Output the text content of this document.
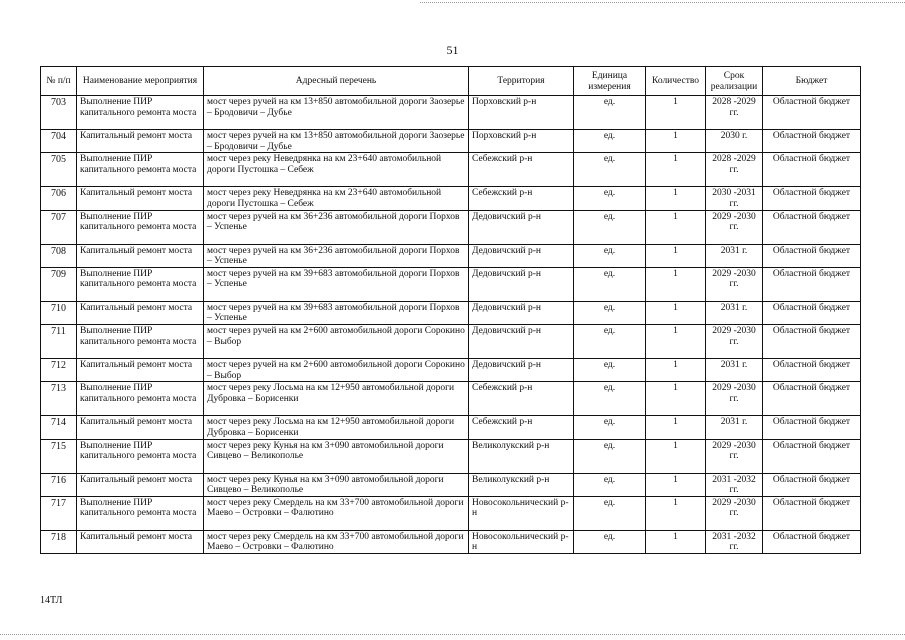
51
№ п/п	Наименование мероприятия	Адресный перечень	Территория	Единица измерения	Количество	Срок реализации	Бюджет
703	Выполнение ПИР капитального ремонта моста	мост через ручей на км 13+850 автомобильной дороги Заозерье – Бродовичи – Дубье	Порховский р-н	ед.	1	2028 -2029 гг.	Областной бюджет
704	Капитальный ремонт моста	мост через ручей на км 13+850 автомобильной дороги Заозерье – Бродовичи – Дубье	Порховский р-н	ед.	1	2030 г.	Областной бюджет
705	Выполнение ПИР капитального ремонта моста	мост через реку Неведрянка на км 23+640 автомобильной дороги Пустошка – Себеж	Себежский р-н	ед.	1	2028 -2029 гг.	Областной бюджет
706	Капитальный ремонт моста	мост через реку Неведрянка на км 23+640 автомобильной дороги Пустошка – Себеж	Себежский р-н	ед.	1	2030 -2031 гг.	Областной бюджет
707	Выполнение ПИР капитального ремонта моста	мост через ручей на км 36+236 автомобильной дороги Порхов – Успенье	Дедовичский р-н	ед.	1	2029 -2030 гг.	Областной бюджет
708	Капитальный ремонт моста	мост через ручей на км 36+236 автомобильной дороги Порхов – Успенье	Дедовичский р-н	ед.	1	2031 г.	Областной бюджет
709	Выполнение ПИР капитального ремонта моста	мост через ручей на км 39+683 автомобильной дороги Порхов – Успенье	Дедовичский р-н	ед.	1	2029 -2030 гг.	Областной бюджет
710	Капитальный ремонт моста	мост через ручей на км 39+683 автомобильной дороги Порхов – Успенье	Дедовичский р-н	ед.	1	2031 г.	Областной бюджет
711	Выполнение ПИР капитального ремонта моста	мост через ручей на км 2+600 автомобильной дороги Сорокино – Выбор	Дедовичский р-н	ед.	1	2029 -2030 гг.	Областной бюджет
712	Капитальный ремонт моста	мост через ручей на км 2+600 автомобильной дороги Сорокино – Выбор	Дедовичский р-н	ед.	1	2031 г.	Областной бюджет
713	Выполнение ПИР капитального ремонта моста	мост через реку Лосьма на км 12+950 автомобильной дороги Дубровка – Борисенки	Себежский р-н	ед.	1	2029 -2030 гг.	Областной бюджет
714	Капитальный ремонт моста	мост через реку Лосьма на км 12+950 автомобильной дороги Дубровка – Борисенки	Себежский р-н	ед.	1	2031 г.	Областной бюджет
715	Выполнение ПИР капитального ремонта моста	мост через реку Кунья на км 3+090 автомобильной дороги Сивцево – Великополье	Великолукский р-н	ед.	1	2029 -2030 гг.	Областной бюджет
716	Капитальный ремонт моста	мост через реку Кунья на км 3+090 автомобильной дороги Сивцево – Великополье	Великолукский р-н	ед.	1	2031 -2032 гг.	Областной бюджет
717	Выполнение ПИР капитального ремонта моста	мост через реку Смердель на км 33+700 автомобильной дороги Маево – Островки – Фалютино	Новосокольнический р-н	ед.	1	2029 -2030 гг.	Областной бюджет
718	Капитальный ремонт моста	мост через реку Смердель на км 33+700 автомобильной дороги Маево – Островки – Фалютино	Новосокольнический р-н	ед.	1	2031 -2032 гг.	Областной бюджет
14ТЛ
